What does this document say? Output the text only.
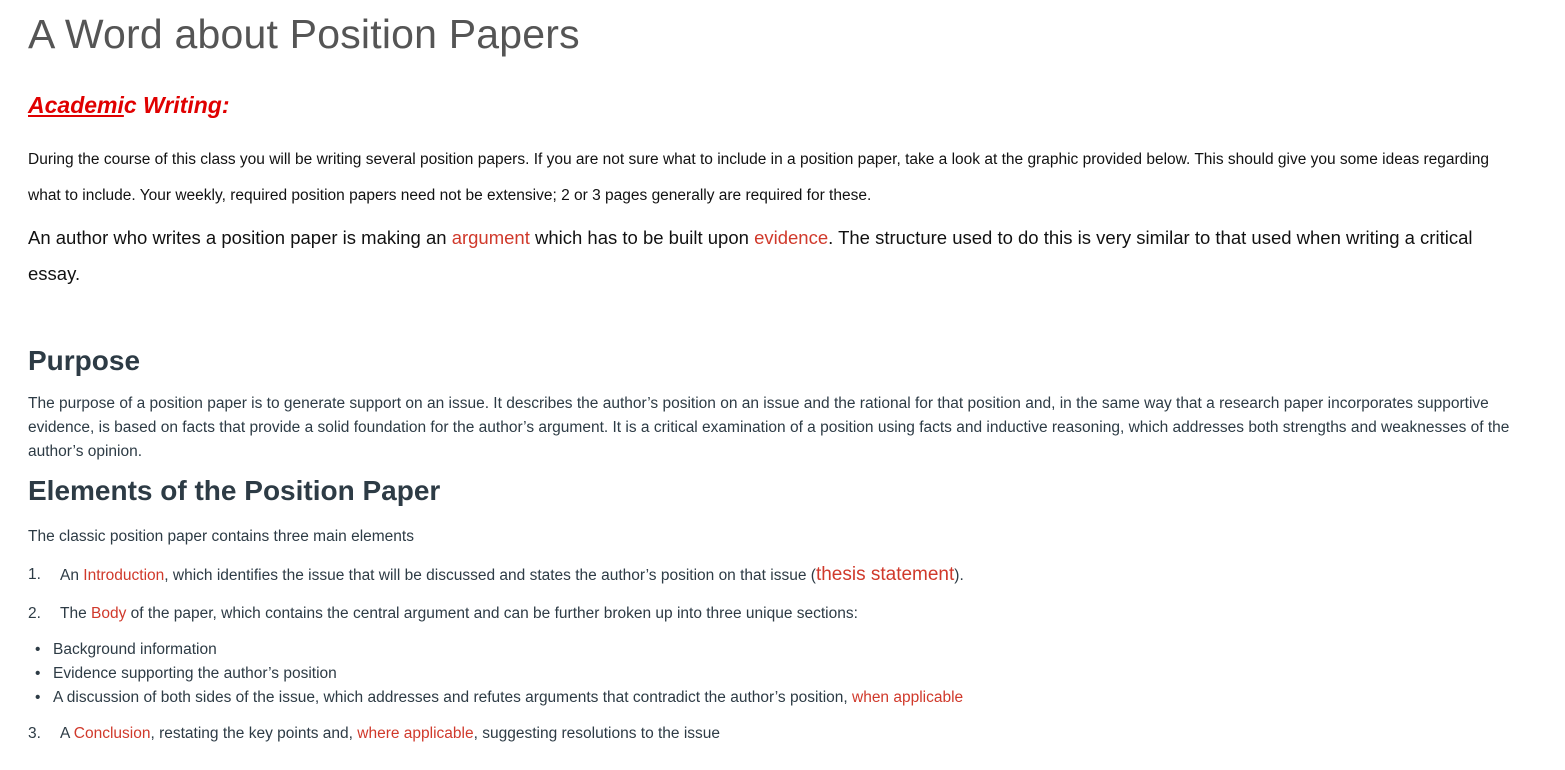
A Word about Position Papers
Academic Writing:

During the course of this class you will be writing several position papers. If you are not sure what to include in a position paper, take a look at the graphic provided below. This should give you some ideas regarding what to include. Your weekly, required position papers need not be extensive; 2 or 3 pages generally are required for these.

An author who writes a position paper is making an argument which has to be built upon evidence. The structure used to do this is very similar to that used when writing a critical essay.

Purpose

The purpose of a position paper is to generate support on an issue. It describes the author’s position on an issue and the rational for that position and, in the same way that a research paper incorporates supportive evidence, is based on facts that provide a solid foundation for the author’s argument. It is a critical examination of a position using facts and inductive reasoning, which addresses both strengths and weaknesses of the author’s opinion.

Elements of the Position Paper

The classic position paper contains three main elements

1.	An Introduction, which identifies the issue that will be discussed and states the author’s position on that issue (thesis statement).
2.	The Body of the paper, which contains the central argument and can be further broken up into three unique sections:
• Background information
• Evidence supporting the author’s position
• A discussion of both sides of the issue, which addresses and refutes arguments that contradict the author’s position, when applicable
3.	A Conclusion, restating the key points and, where applicable, suggesting resolutions to the issue
